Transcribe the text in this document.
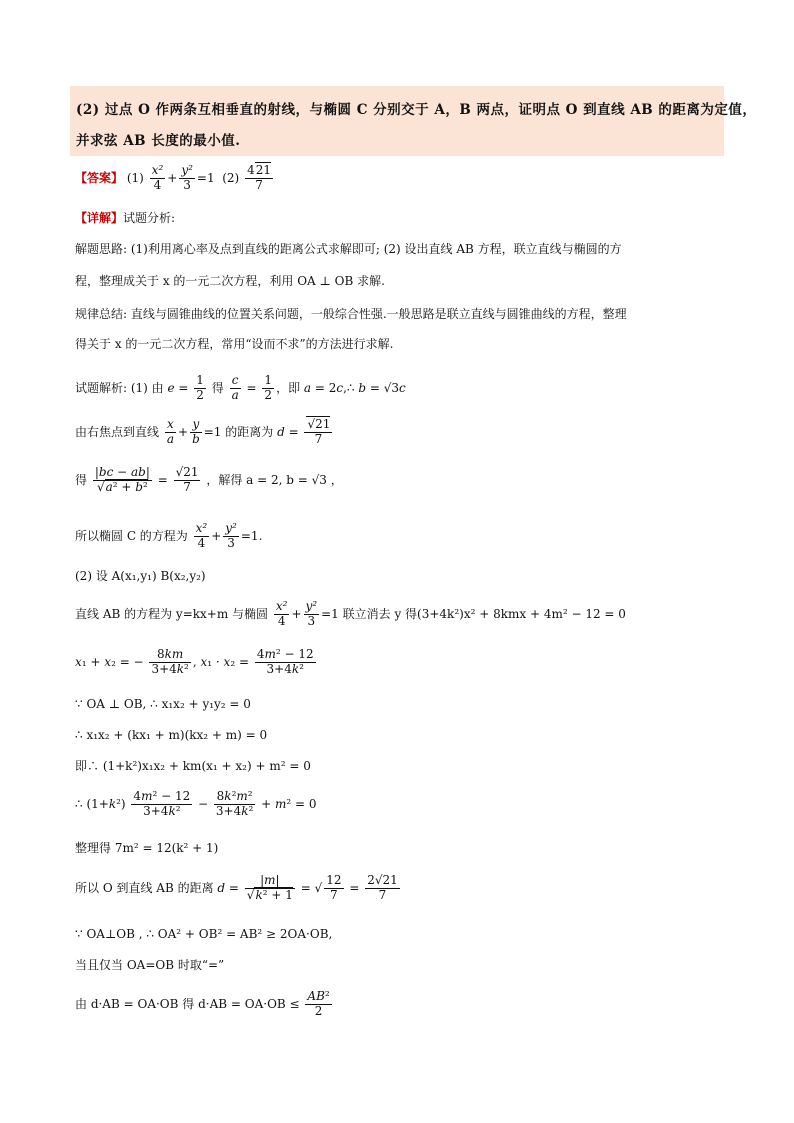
(2) 过点 O 作两条互相垂直的射线，与椭圆 C 分别交于 A，B 两点，证明点 O 到直线 AB 的距离为定值，
并求弦 AB 长度的最小值.
【答案】 $(1) \frac{\text{x²}}{4} + \frac{\text{y²}}{3} =1$  $(2) \frac{421}{7}$
【详解】试题分析:
解题思路: (1)利用离心率及点到直线的距离公式求解即可; (2) 设出直线 AB 方程，联立直线与椭圆的方
程，整理成关于 x 的一元二次方程，利用 OA ⊥ OB 求解.
规律总结: 直线与圆锥曲线的位置关系问题，一般综合性强.一般思路是联立直线与圆锥曲线的方程，整理
得关于 x 的一元二次方程，常用“设而不求”的方法进行求解.
试题解析: (1) 由 $e = \frac{1}{2}$ 得 $\frac{c}{a} = \frac{1}{2}$ ，即 a = 2c,∴ b = √3c
由右焦点到直线 $\frac{x}{a} + \frac{y}{b} =1$ 的距离为 $d = \frac{√21}{7}$
得 $\frac{|bc - ab|}{\text{√a² + b²}} = \frac{√21}{7}$ ，解得 a = 2, b = √3 ，
所以椭圆 C 的方程为 $\frac{\text{x²}}{4} + \frac{\text{y²}}{3} =1$.
(2) 设 A(x₁,y₁) B(x₂,y₂)
直线 AB 的方程为 y=kx+m 与椭圆 $\frac{\text{x²}}{4} + \frac{\text{y²}}{3} =1$ 联立消去 y 得(3+4k²)x² + 8kmx + 4m² − 12 = 0
x₁ + x₂ = − $\frac{8km}{\text{3+4k²}}$ , $x_1 \cdot x_2 = \frac{\text{4m² − 12}}{\text{3+4k²}}$
∵ OA ⊥ OB, ∴ x₁x₂ + y₁y₂ = 0
∴ x₁x₂ + (kx₁ + m)(kx₂ + m) = 0
即∴ (1+k²)x₁x₂ + km(x₁ + x₂) + m² = 0
∴ $(1+k^2) \frac{\text{4m² − 12}}{\text{3+4k²}} - \frac{\text{8k²m²}}{\text{3+4k²}} + m^2 = 0$
整理得 7m² = 12(k² + 1)
所以 O 到直线 AB 的距离 $d = \frac{|m|}{\text{√k² + 1}}$ = √ $\frac{12}{7} = \frac{2√21}{7}$
∵ OA⊥OB , ∴ OA² + OB² = AB² ≥ 2OA·OB,
当且仅当 OA=OB 时取“=”
由 d·AB = OA·OB 得 $d\cdot AB = OA\cdot OB \le \frac{\text{AB²}}{2}$
